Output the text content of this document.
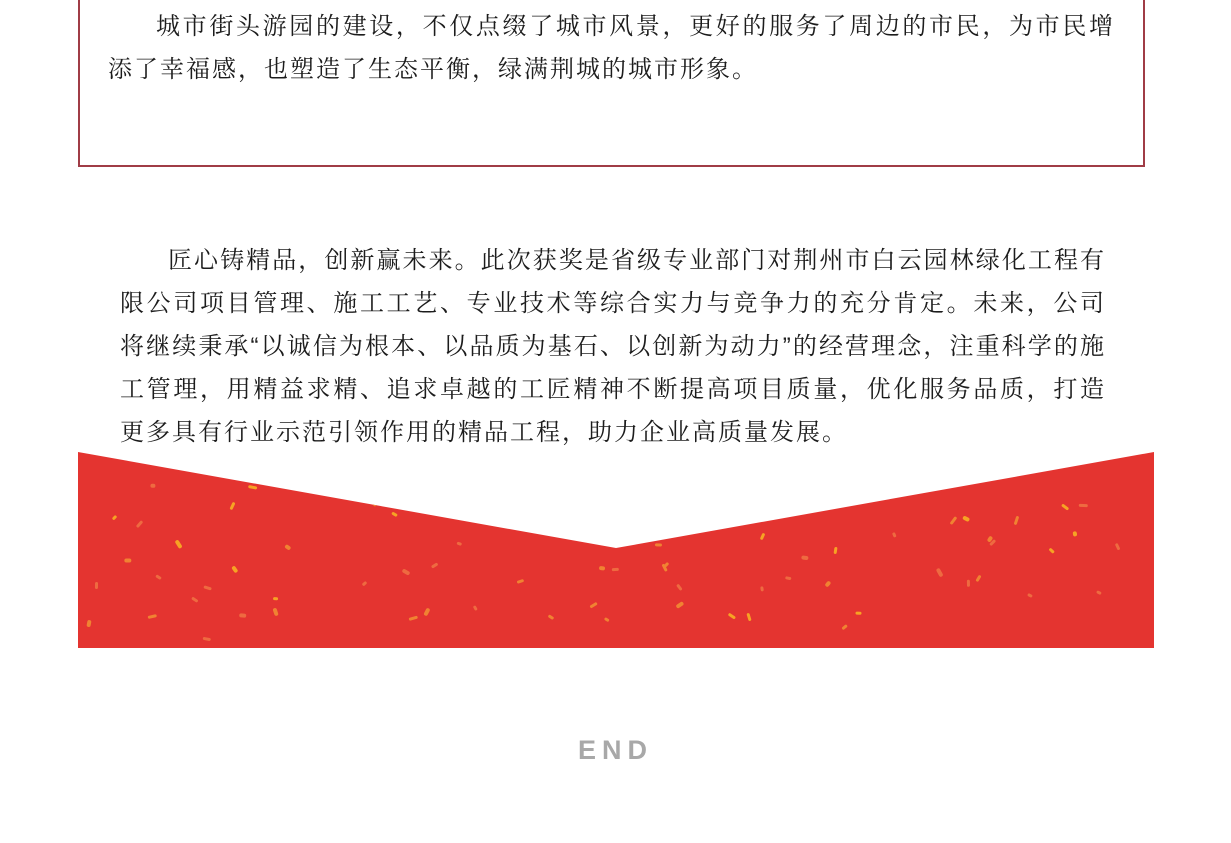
城市街头游园的建设，不仅点缀了城市风景，更好的服务了周边的市民，为市民增添了幸福感，也塑造了生态平衡，绿满荆城的城市形象。

匠心铸精品，创新赢未来。此次获奖是省级专业部门对荆州市白云园林绿化工程有限公司项目管理、施工工艺、专业技术等综合实力与竞争力的充分肯定。未来，公司将继续秉承“以诚信为根本、以品质为基石、以创新为动力”的经营理念，注重科学的施工管理，用精益求精、追求卓越的工匠精神不断提高项目质量，优化服务品质，打造更多具有行业示范引领作用的精品工程，助力企业高质量发展。

END
